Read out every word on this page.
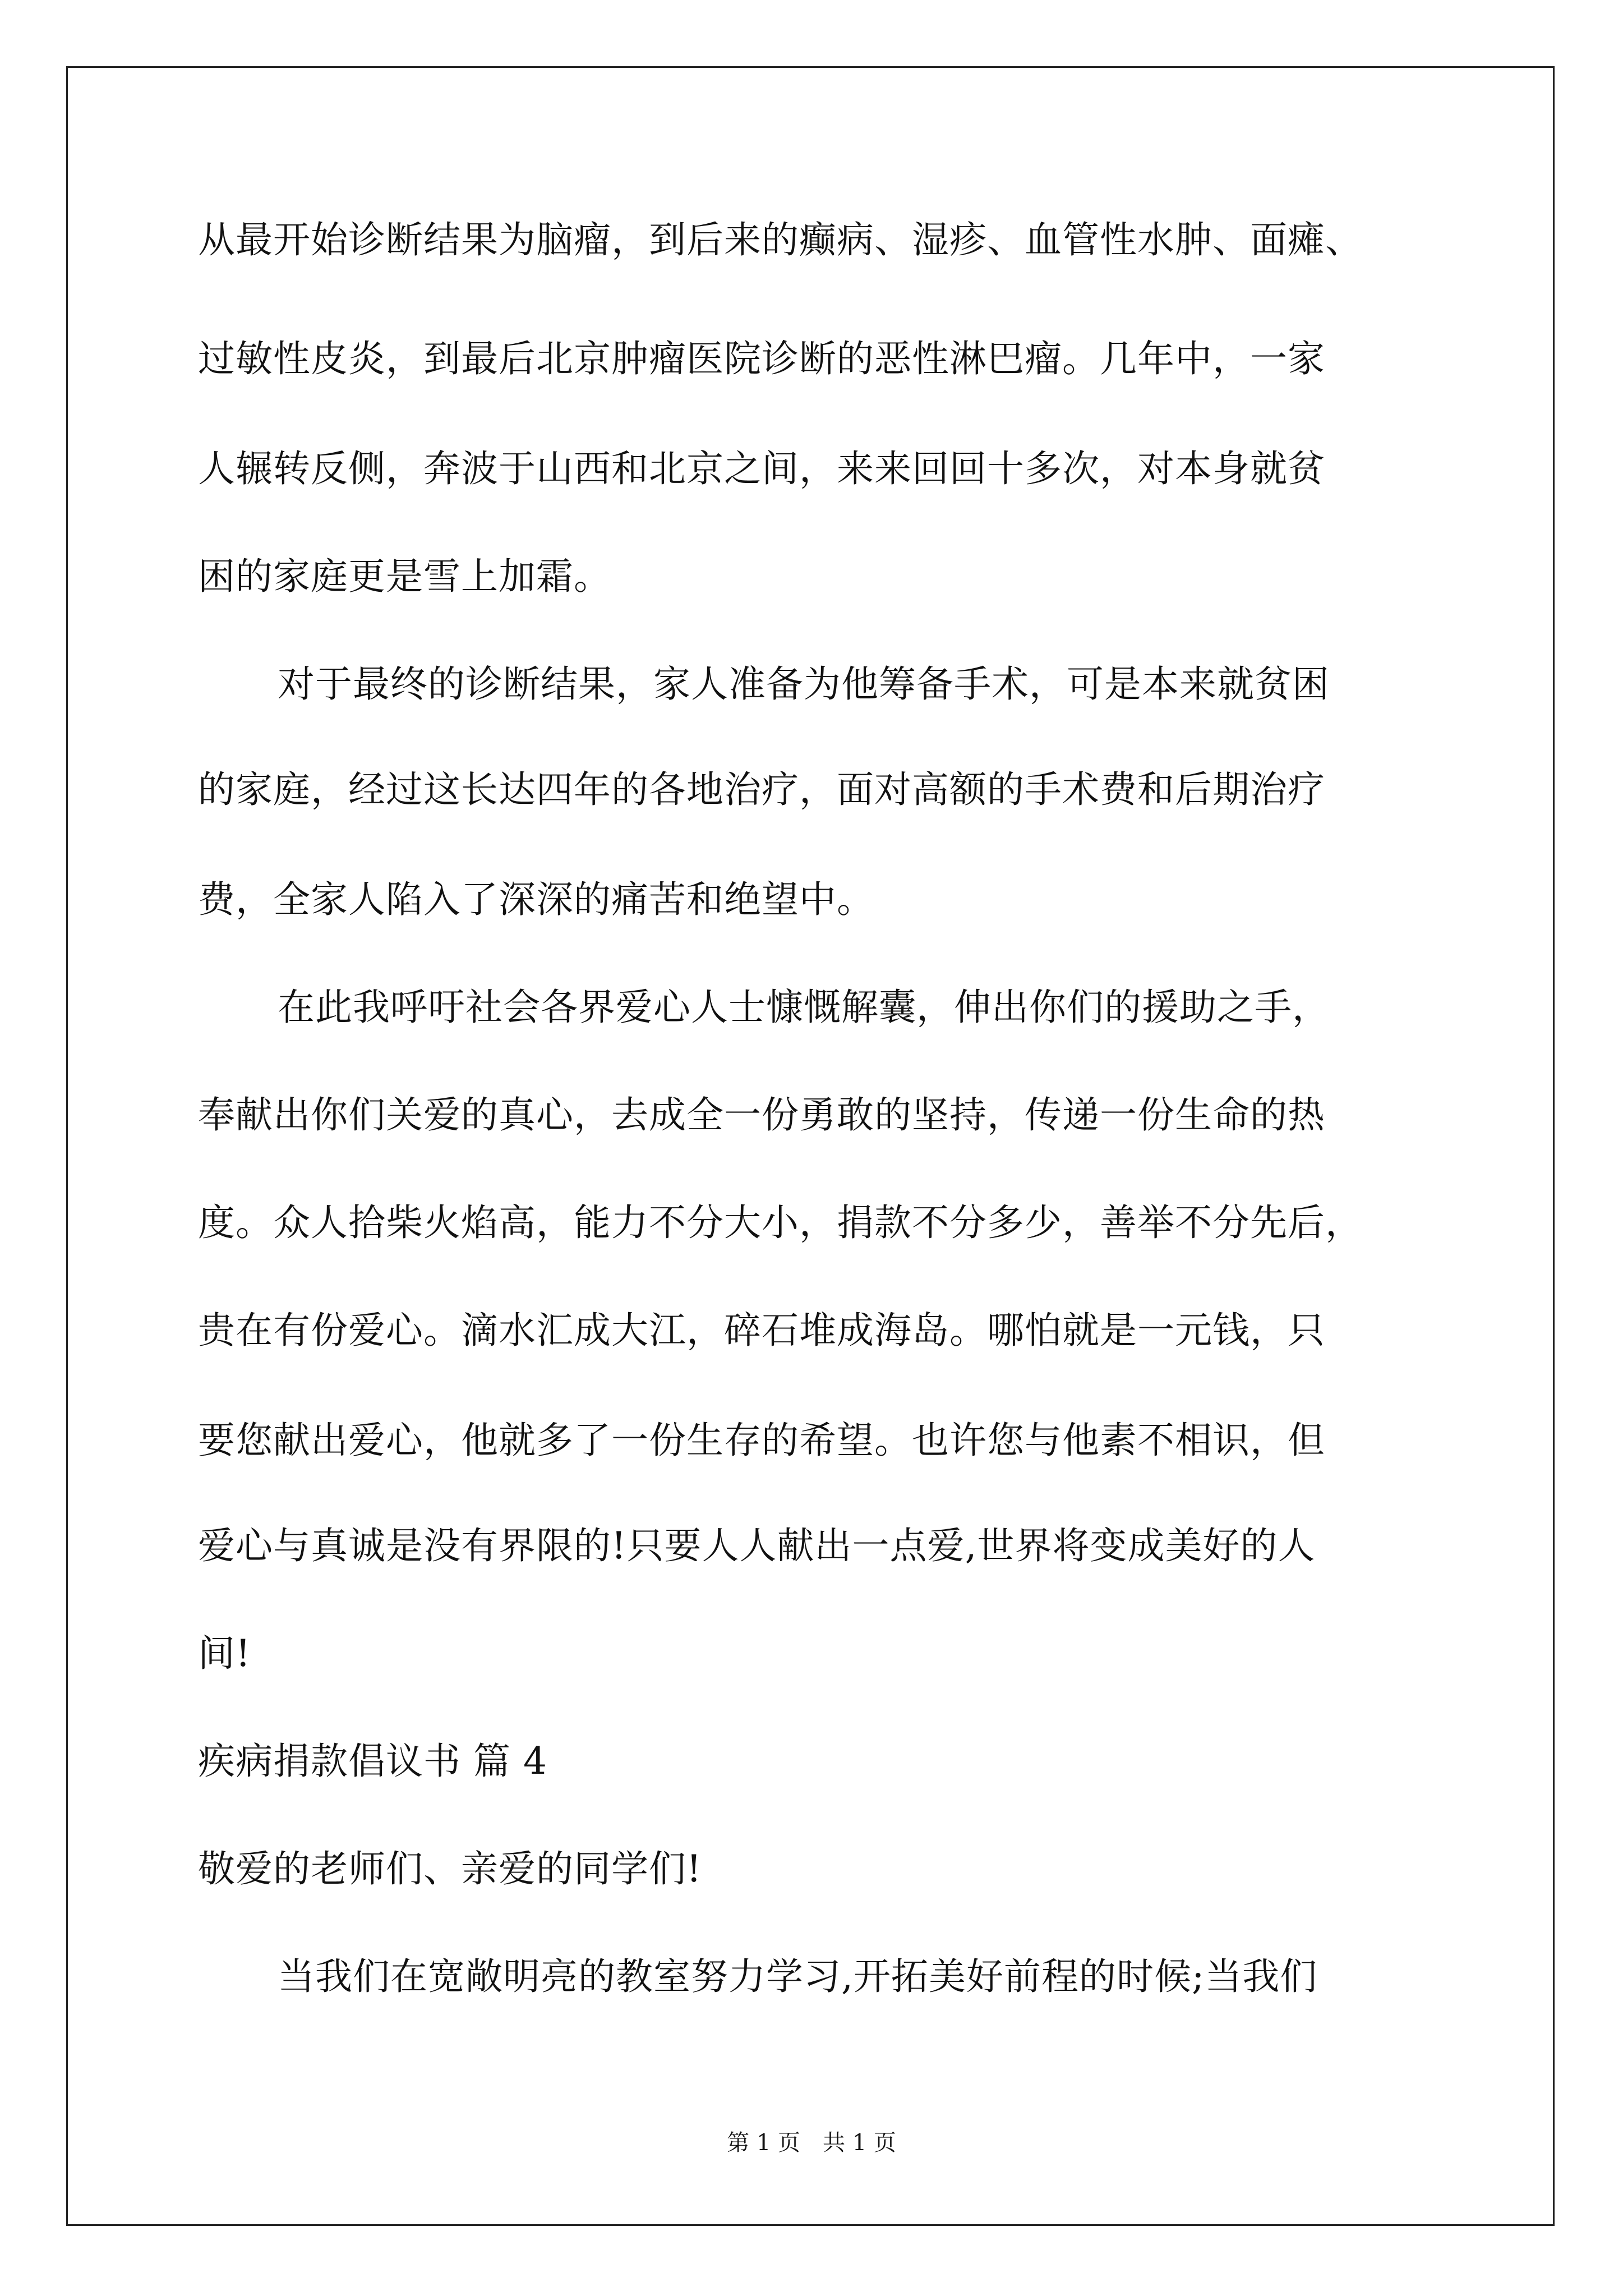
从最开始诊断结果为脑瘤，到后来的癫病、湿疹、血管性水肿、面瘫、
过敏性皮炎，到最后北京肿瘤医院诊断的恶性淋巴瘤。几年中，一家
人辗转反侧，奔波于山西和北京之间，来来回回十多次，对本身就贫
困的家庭更是雪上加霜。
对于最终的诊断结果，家人准备为他筹备手术，可是本来就贫困
的家庭，经过这长达四年的各地治疗，面对高额的手术费和后期治疗
费，全家人陷入了深深的痛苦和绝望中。
在此我呼吁社会各界爱心人士慷慨解囊，伸出你们的援助之手，
奉献出你们关爱的真心，去成全一份勇敢的坚持，传递一份生命的热
度。众人拾柴火焰高，能力不分大小，捐款不分多少，善举不分先后，
贵在有份爱心。滴水汇成大江，碎石堆成海岛。哪怕就是一元钱，只
要您献出爱心，他就多了一份生存的希望。也许您与他素不相识，但
爱心与真诚是没有界限的!只要人人献出一点爱,世界将变成美好的人
间!
疾病捐款倡议书 篇 4
敬爱的老师们、亲爱的同学们!
当我们在宽敞明亮的教室努力学习,开拓美好前程的时候;当我们
第 1 页　共 1 页
